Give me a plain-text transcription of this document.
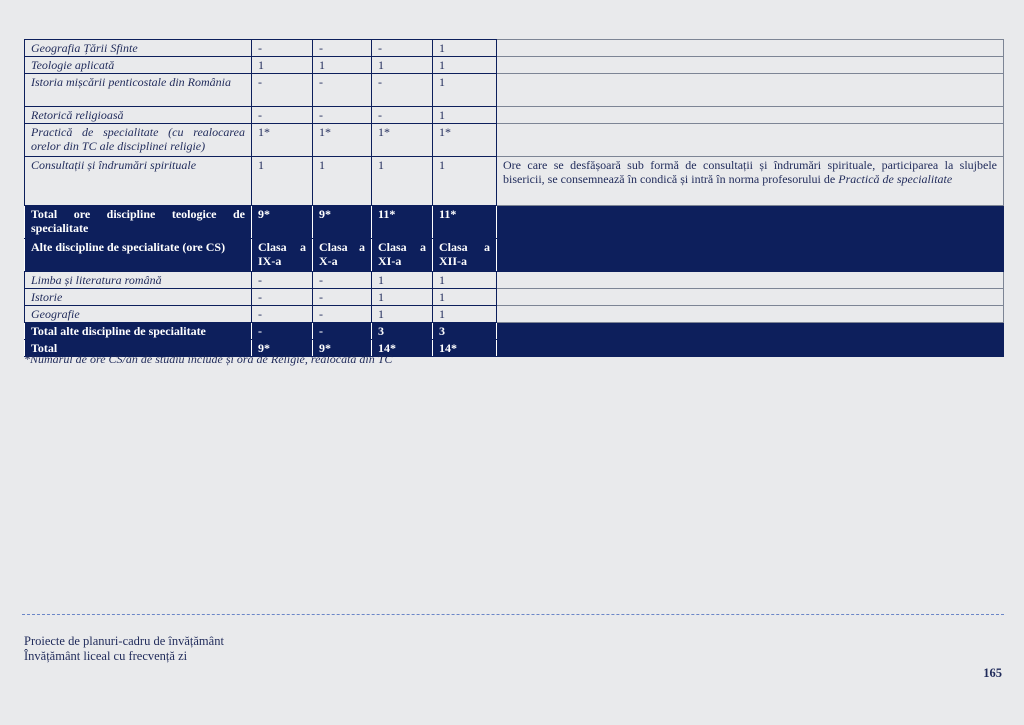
Geografia Țării Sfinte	-	-	-	1	
Teologie aplicată	1	1	1	1	
Istoria mișcării penticostale din România	-	-	-	1	
Retorică religioasă	-	-	-	1	
Practică de specialitate (cu realocarea orelor din TC ale disciplinei religie)	1*	1*	1*	1*	
Consultații și îndrumări spirituale	1	1	1	1	Ore care se desfășoară sub formă de consultații și îndrumări spirituale, participarea la slujbele bisericii, se consemnează în condică și intră în norma profesorului de Practică de specialitate
Total ore discipline teologice de specialitate	9*	9*	11*	11*	
Alte discipline de specialitate (ore CS)	Clasa a IX-a	Clasa a X-a	Clasa a XI-a	Clasa a XII-a	
Limba și literatura română	-	-	1	1	
Istorie	-	-	1	1	
Geografie	-	-	1	1	
Total alte discipline de specialitate	-	-	3	3	
Total	9*	9*	14*	14*	
*Numărul de ore CS/an de studiu include și ora de Religie, realocată din TC
Proiecte de planuri-cadru de învățământ
Învățământ liceal cu frecvență zi
165
